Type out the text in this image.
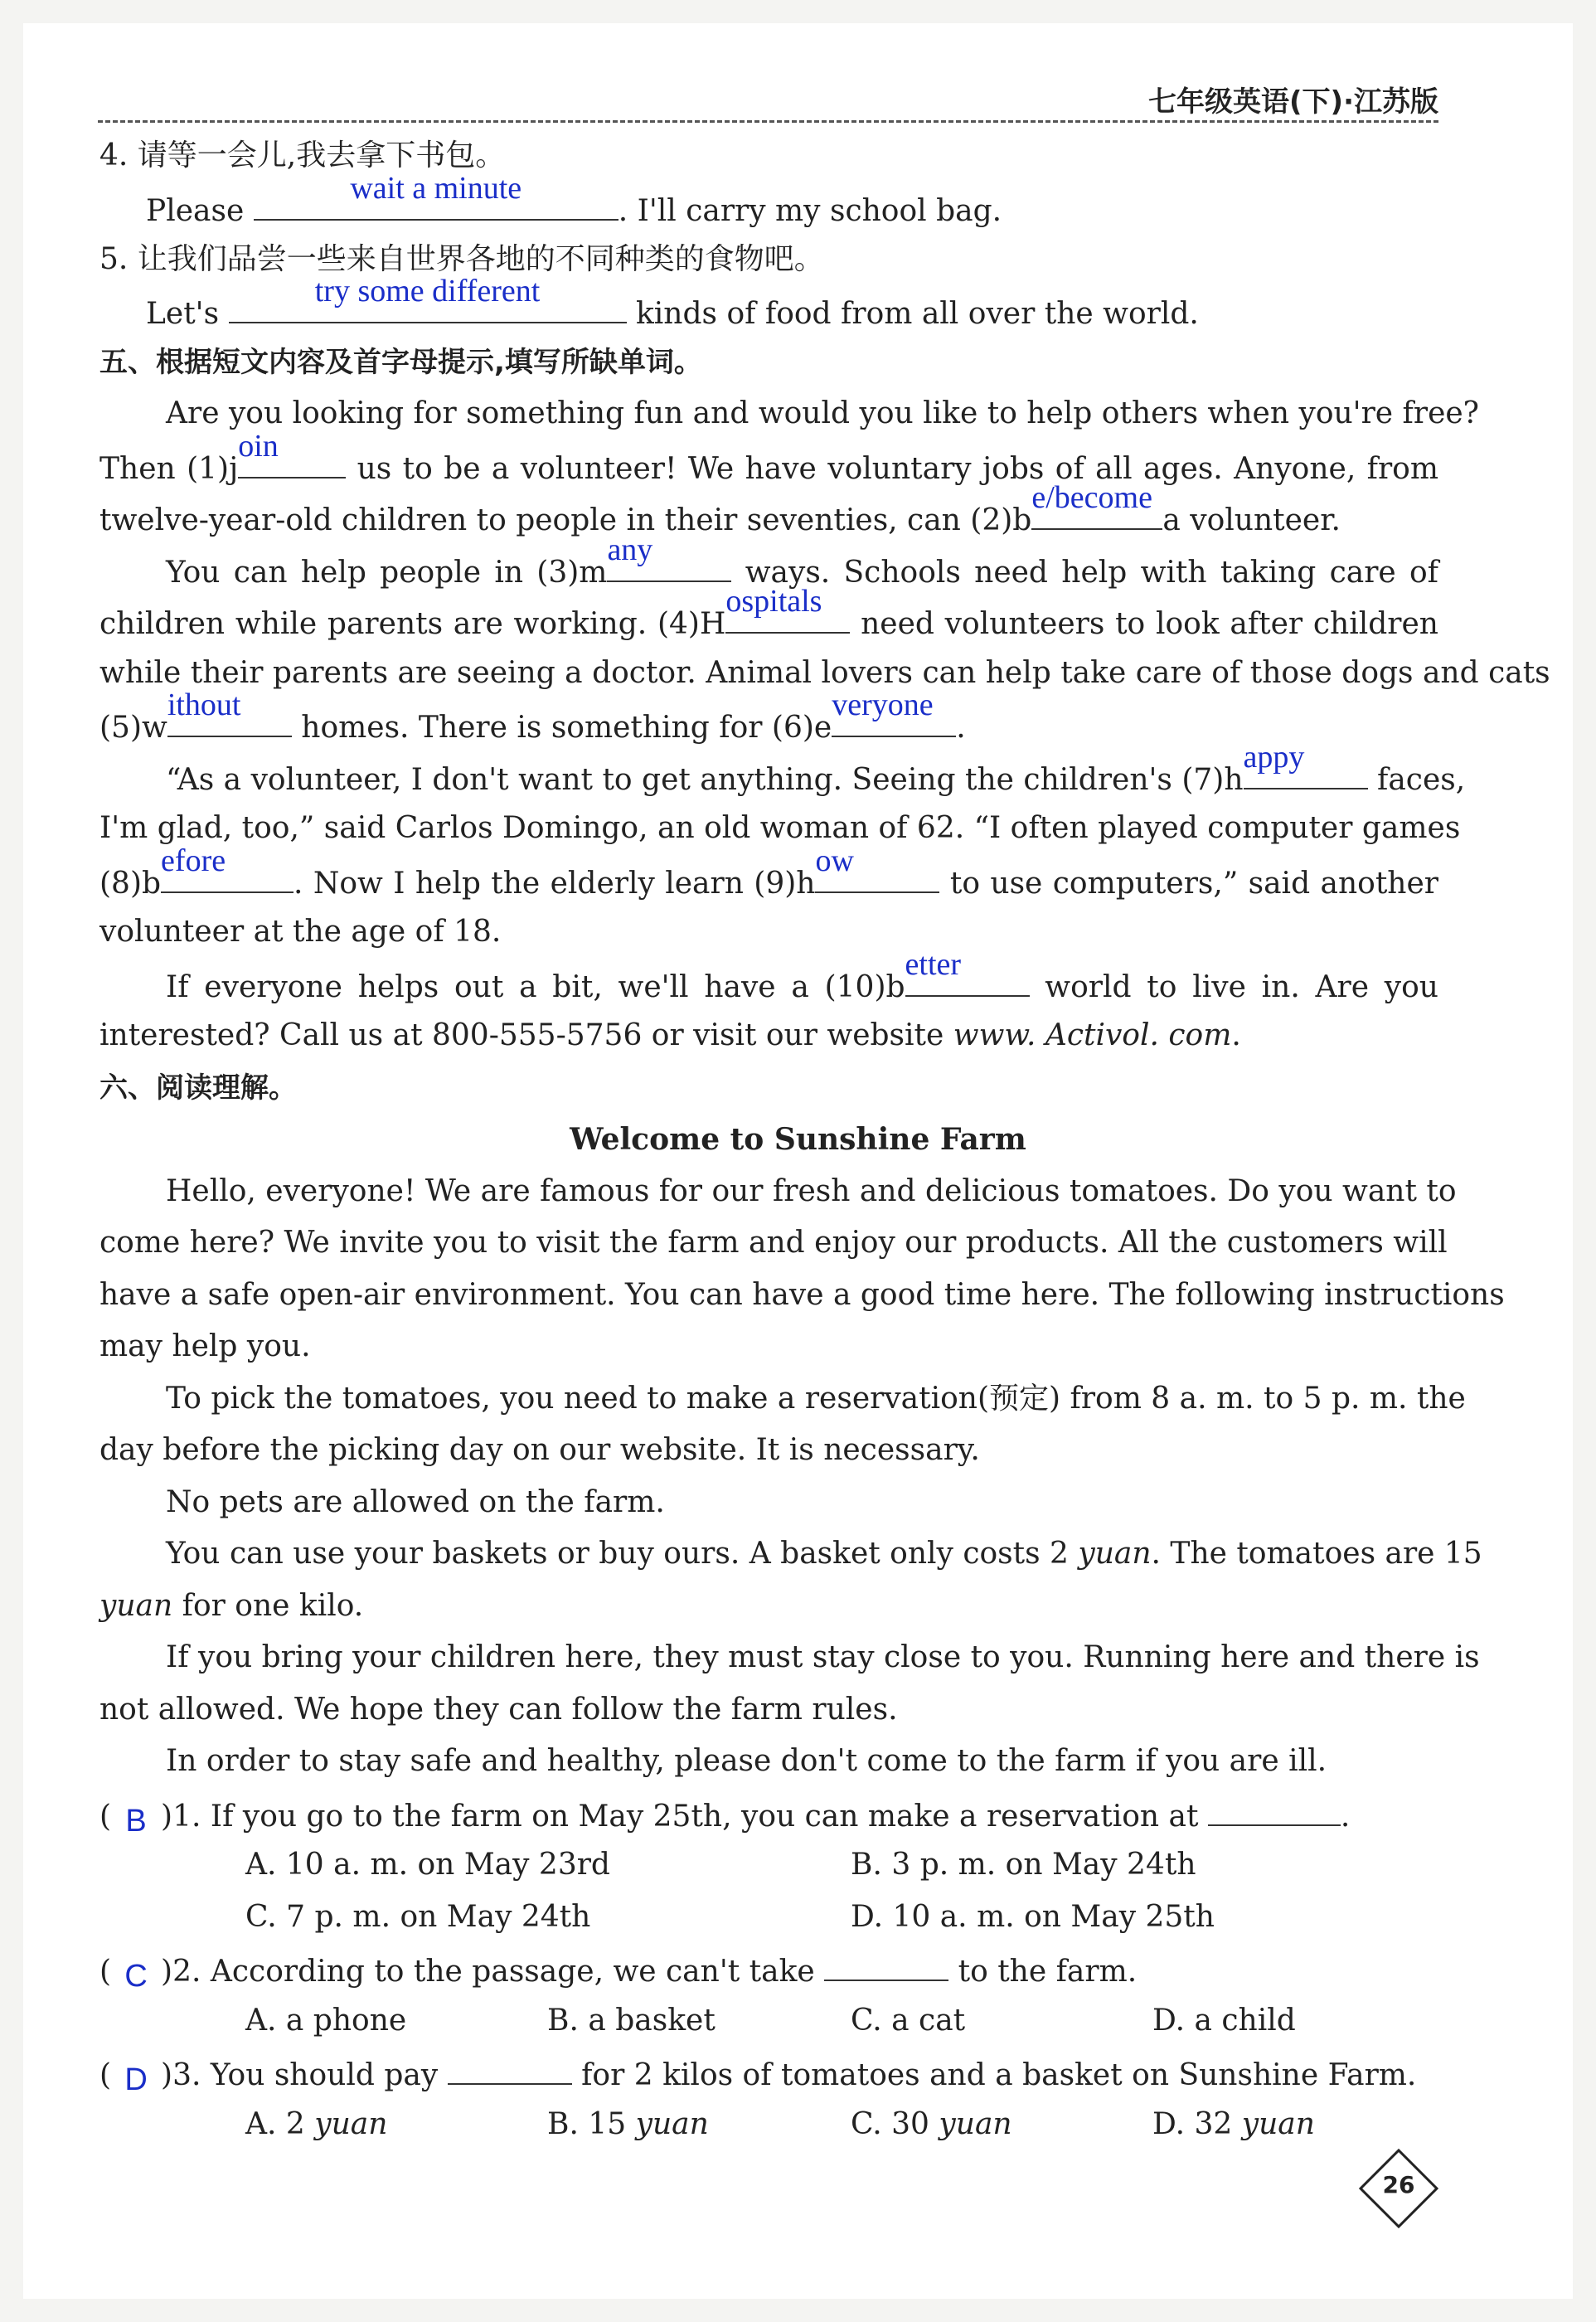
七年级英语(下)·江苏版
4. 请等一会儿,我去拿下书包。
Please
wait a minute
. I'll carry my school bag.
5. 让我们品尝一些来自世界各地的不同种类的食物吧。
Let's
try some different
kinds of food from all over the world.
五、根据短文内容及首字母提示,填写所缺单词。
Are you looking for something fun and would you like to help others when you're free?
Then (1)j
oin
us to be a volunteer! We have voluntary jobs of all ages. Anyone, from
twelve-year-old children to people in their seventies, can (2)b
e/become
a volunteer.
You can help people in (3)m
any
ways. Schools need help with taking care of
children while parents are working. (4)H
ospitals
need volunteers to look after children
while their parents are seeing a doctor. Animal lovers can help take care of those dogs and cats
(5)w
ithout
homes. There is something for (6)e
veryone
.
“As a volunteer, I don't want to get anything. Seeing the children's (7)h
appy
faces,
I'm glad, too,” said Carlos Domingo, an old woman of 62. “I often played computer games
(8)b
efore
. Now I help the elderly learn (9)h
ow
to use computers,” said another
volunteer at the age of 18.
If everyone helps out a bit, we'll have a (10)b
etter
world to live in. Are you
interested? Call us at 800-555-5756 or visit our website www. Activol. com.
六、阅读理解。
Welcome to Sunshine Farm
Hello, everyone! We are famous for our fresh and delicious tomatoes. Do you want to
come here? We invite you to visit the farm and enjoy our products. All the customers will
have a safe open-air environment. You can have a good time here. The following instructions
may help you.
To pick the tomatoes, you need to make a reservation(预定) from 8 a. m. to 5 p. m. the
day before the picking day on our website. It is necessary.
No pets are allowed on the farm.
You can use your baskets or buy ours. A basket only costs 2 yuan. The tomatoes are 15
yuan for one kilo.
If you bring your children here, they must stay close to you. Running here and there is
not allowed. We hope they can follow the farm rules.
In order to stay safe and healthy, please don't come to the farm if you are ill.
( B )1. If you go to the farm on May 25th, you can make a reservation at	.
A. 10 a. m. on May 23rd	B. 3 p. m. on May 24th
C. 7 p. m. on May 24th	D. 10 a. m. on May 25th
( C )2. According to the passage, we can't take	to the farm.
A. a phone	B. a basket	C. a cat	D. a child
( D )3. You should pay	for 2 kilos of tomatoes and a basket on Sunshine Farm.
A. 2 yuan	B. 15 yuan	C. 30 yuan	D. 32 yuan
26
